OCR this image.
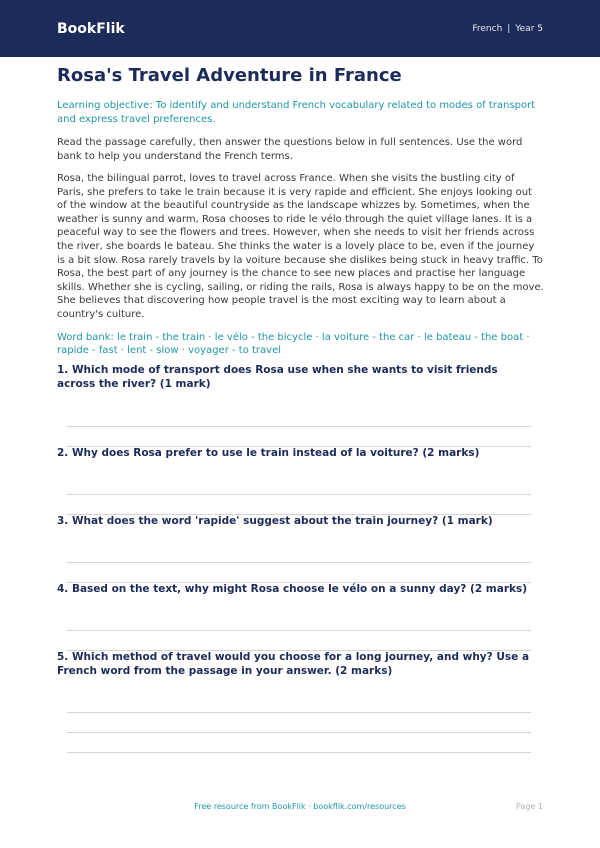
BookFlik	French | Year 5
Rosa's Travel Adventure in France

Learning objective: To identify and understand French vocabulary related to modes of transport and express travel preferences.

Read the passage carefully, then answer the questions below in full sentences. Use the word bank to help you understand the French terms.

Rosa, the bilingual parrot, loves to travel across France. When she visits the bustling city of Paris, she prefers to take le train because it is very rapide and efficient. She enjoys looking out of the window at the beautiful countryside as the landscape whizzes by. Sometimes, when the weather is sunny and warm, Rosa chooses to ride le vélo through the quiet village lanes. It is a peaceful way to see the flowers and trees. However, when she needs to visit her friends across the river, she boards le bateau. She thinks the water is a lovely place to be, even if the journey is a bit slow. Rosa rarely travels by la voiture because she dislikes being stuck in heavy traffic. To Rosa, the best part of any journey is the chance to see new places and practise her language skills. Whether she is cycling, sailing, or riding the rails, Rosa is always happy to be on the move. She believes that discovering how people travel is the most exciting way to learn about a country's culture.

Word bank: le train - the train · le vélo - the bicycle · la voiture - the car · le bateau - the boat · rapide - fast · lent - slow · voyager - to travel

1. Which mode of transport does Rosa use when she wants to visit friends across the river? (1 mark)
2. Why does Rosa prefer to use le train instead of la voiture? (2 marks)
3. What does the word 'rapide' suggest about the train journey? (1 mark)
4. Based on the text, why might Rosa choose le vélo on a sunny day? (2 marks)
5. Which method of travel would you choose for a long journey, and why? Use a French word from the passage in your answer. (2 marks)
Free resource from BookFlik · bookflik.com/resources	Page 1
